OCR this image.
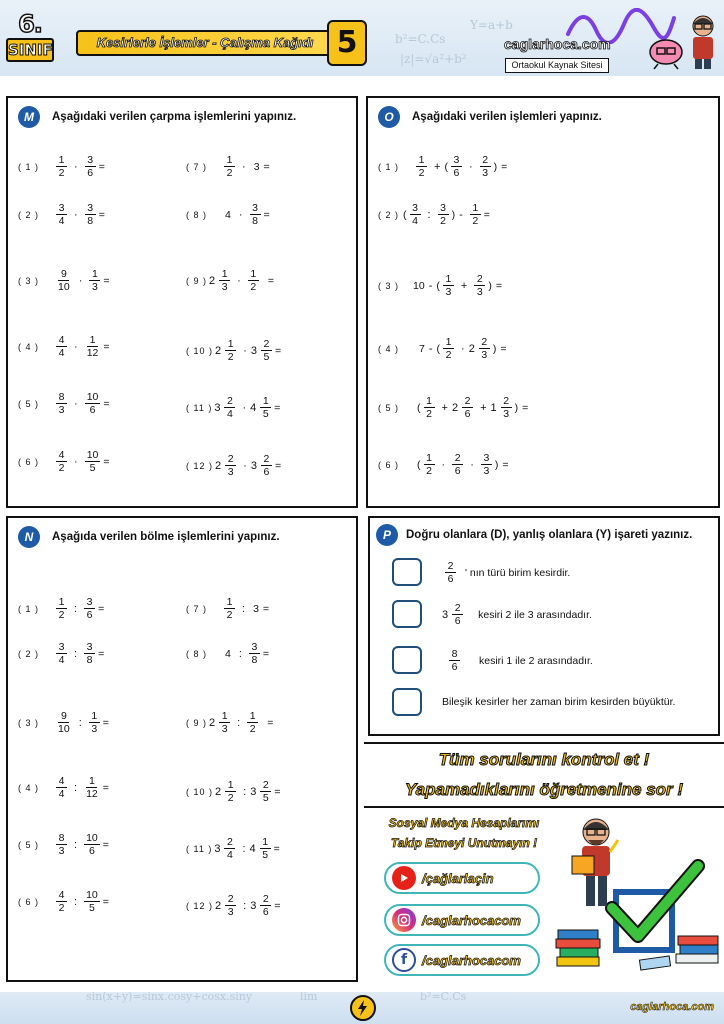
b²=C.Cs
|z|=√a²+b²
Y=a+b
6.
SINIF	Kesirlerle İşlemler - Çalışma Kağıdı 5	caglarhoca.com
Ortaokul Kaynak Sitesi
M	Aşağıdaki verilen çarpma işlemlerini yapınız.
( 1 ) $\frac{1}{2} \cdot \frac{3}{6}$ =
( 2 ) $\frac{3}{4} \cdot \frac{3}{8}$ =
( 3 ) $\frac{9}{10} \cdot \frac{1}{3}$ =
( 4 ) $\frac{4}{4} \cdot \frac{1}{12}$ =
( 5 ) $\frac{8}{3} \cdot \frac{10}{6}$ =
( 6 ) $\frac{4}{2} \cdot \frac{10}{5}$ =
( 7 ) $\frac{1}{2} \cdot 3$ =
( 8 ) $4 \cdot \frac{3}{8}$ =
( 9 ) $2 \frac{1}{3} \cdot \frac{1}{2}$ =
( 10 ) $2 \frac{1}{2} \cdot 3 \frac{2}{5}$ =
( 11 ) $3 \frac{2}{4} \cdot 4 \frac{1}{5}$ =
( 12 ) $2 \frac{2}{3} \cdot 3 \frac{2}{6}$ =
O	Aşağıdaki verilen işlemleri yapınız.
( 1 ) $\frac{1}{2}$ + ( $\frac{3}{6} \cdot \frac{2}{3}$ ) =
( 2 ) ( $\frac{3}{4}$ : $\frac{3}{2}$ ) - $\frac{1}{2}$ =
( 3 ) 10 - ( $\frac{1}{3} + \frac{2}{3}$ ) =
( 4 ) 7 - ( $\frac{1}{2} \cdot 2 \frac{2}{3}$ ) =
( 5 ) ( $\frac{1}{2} + 2 \frac{2}{6} + 1 \frac{2}{3}$ ) =
( 6 ) ( $\frac{1}{2} \cdot \frac{2}{6} \cdot \frac{3}{3}$ ) =
N	Aşağıda verilen bölme işlemlerini yapınız.
( 1 ) $\frac{1}{2}$ : $\frac{3}{6}$ =
( 2 ) $\frac{3}{4}$ : $\frac{3}{8}$ =
( 3 ) $\frac{9}{10}$ : $\frac{1}{3}$ =
( 4 ) $\frac{4}{4}$ : $\frac{1}{12}$ =
( 5 ) $\frac{8}{3}$ : $\frac{10}{6}$ =
( 6 ) $\frac{4}{2}$ : $\frac{10}{5}$ =
( 7 ) $\frac{1}{2}$ : 3 =
( 8 ) 4 : $\frac{3}{8}$ =
( 9 ) $2 \frac{1}{3}$ : $\frac{1}{2}$ =
( 10 ) $2 \frac{1}{2}$ : $3 \frac{2}{5}$ =
( 11 ) $3 \frac{2}{4}$ : $4 \frac{1}{5}$ =
( 12 ) $2 \frac{2}{3}$ : $3 \frac{2}{6}$ =
P	Doğru olanlara (D), yanlış olanlara (Y) işareti yazınız.
$\frac{2}{6}$ ' nın türü birim kesirdir.
$3 \frac{2}{6}$ kesiri 2 ile 3 arasındadır.
$\frac{8}{6}$ kesiri 1 ile 2 arasındadır.
Bileşik kesirler her zaman birim kesirden büyüktür.
Tüm sorularını kontrol et !
Yapamadıklarını öğretmenine sor !
Sosyal Medya Hesaplarımı
Takip Etmeyi Unutmayın !
/çağlarlaçin
/caglarhocacom
f /caglarhocacom
sin(x+y)=sinx.cosy+cosx.siny	lim	b²=C.Cs
caglarhoca.com
